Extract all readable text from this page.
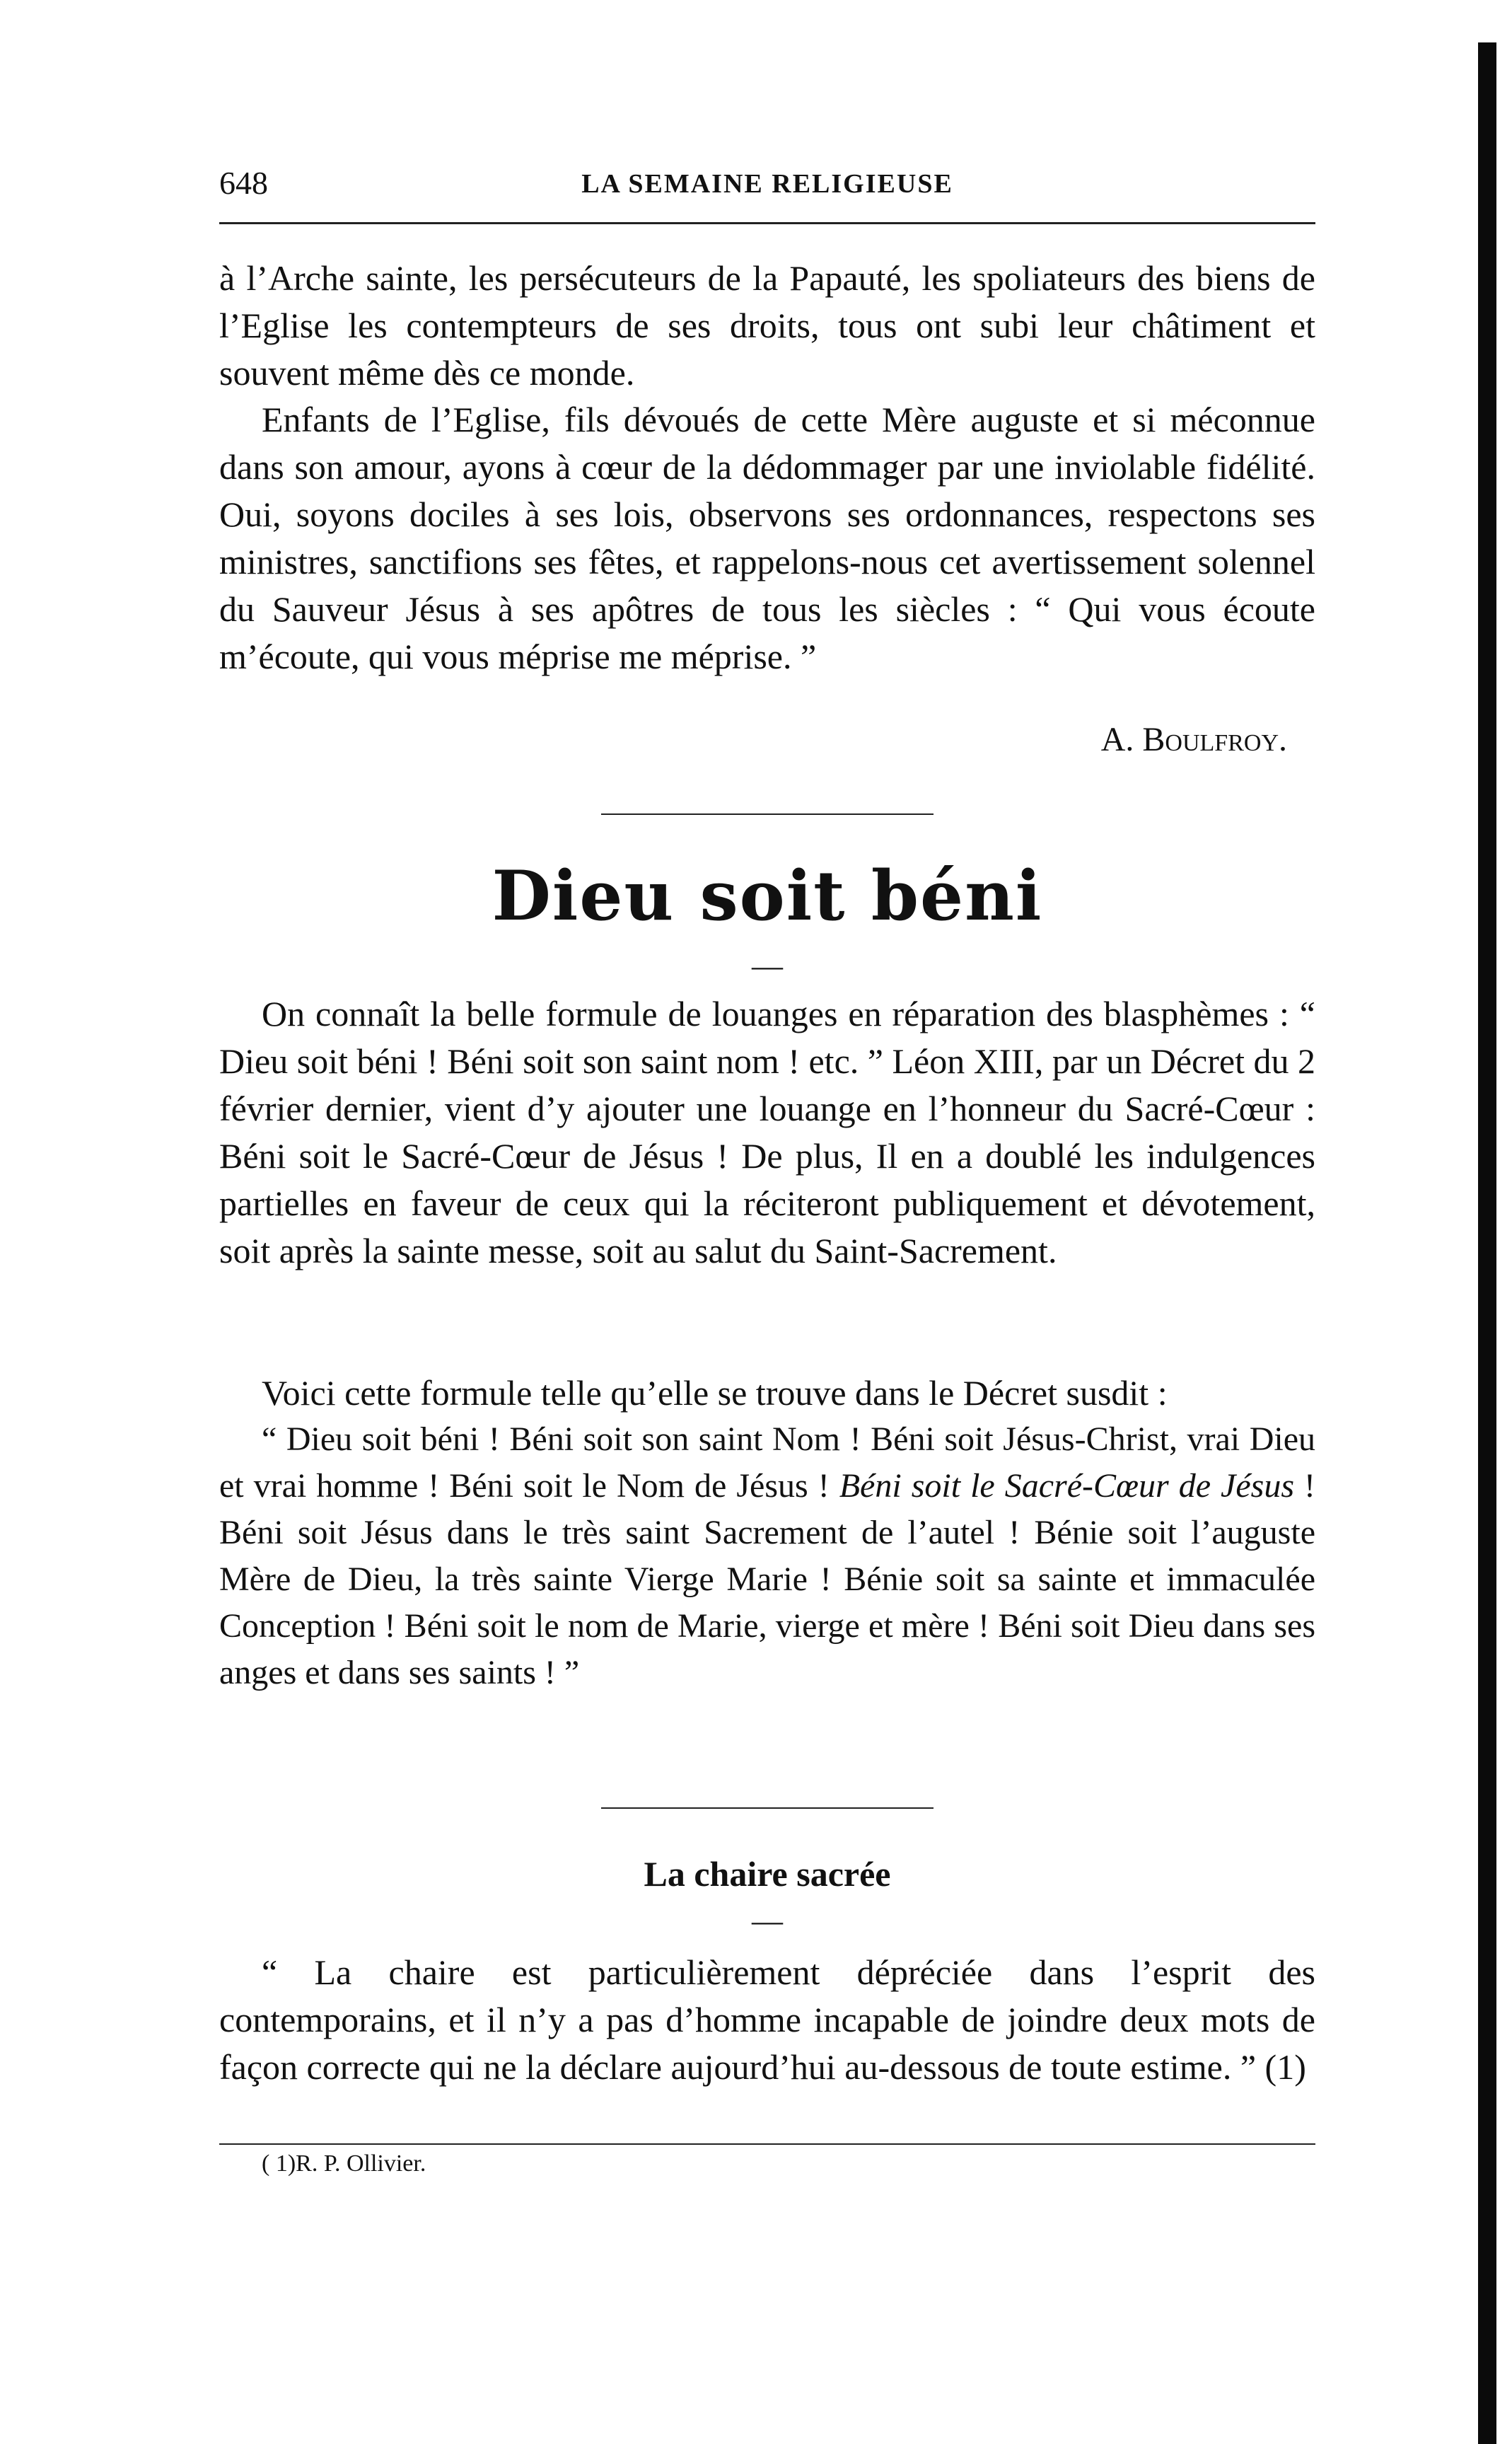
648	LA SEMAINE RELIGIEUSE

à l’Arche sainte, les persécuteurs de la Papauté, les spoliateurs des biens de l’Eglise les contempteurs de ses droits, tous ont subi leur châtiment et souvent même dès ce monde.

Enfants de l’Eglise, fils dévoués de cette Mère auguste et si méconnue dans son amour, ayons à cœur de la dédommager par une inviolable fidélité. Oui, soyons dociles à ses lois, observons ses ordonnances, respectons ses ministres, sanctifions ses fêtes, et rappelons-nous cet avertissement solennel du Sauveur Jésus à ses apôtres de tous les siècles : “ Qui vous écoute m’écoute, qui vous méprise me méprise. ”

A. Boulfroy.
Dieu soit béni
—

On connaît la belle formule de louanges en réparation des blasphèmes : “ Dieu soit béni ! Béni soit son saint nom ! etc. ” Léon XIII, par un Décret du 2 février dernier, vient d’y ajouter une louange en l’honneur du Sacré-Cœur : Béni soit le Sacré-Cœur de Jésus ! De plus, Il en a doublé les indulgences partielles en faveur de ceux qui la réciteront publiquement et dévotement, soit après la sainte messe, soit au salut du Saint-Sacrement.

Voici cette formule telle qu’elle se trouve dans le Décret susdit :

“ Dieu soit béni ! Béni soit son saint Nom ! Béni soit Jésus-Christ, vrai Dieu et vrai homme ! Béni soit le Nom de Jésus ! Béni soit le Sacré-Cœur de Jésus ! Béni soit Jésus dans le très saint Sacrement de l’autel ! Bénie soit l’auguste Mère de Dieu, la très sainte Vierge Marie ! Bénie soit sa sainte et immaculée Conception ! Béni soit le nom de Marie, vierge et mère ! Béni soit Dieu dans ses anges et dans ses saints ! ”

La chaire sacrée
—

“ La chaire est particulièrement dépréciée dans l’esprit des contemporains, et il n’y a pas d’homme incapable de joindre deux mots de façon correcte qui ne la déclare aujourd’hui au-dessous de toute estime. ” (1)

( 1)R. P. Ollivier.
